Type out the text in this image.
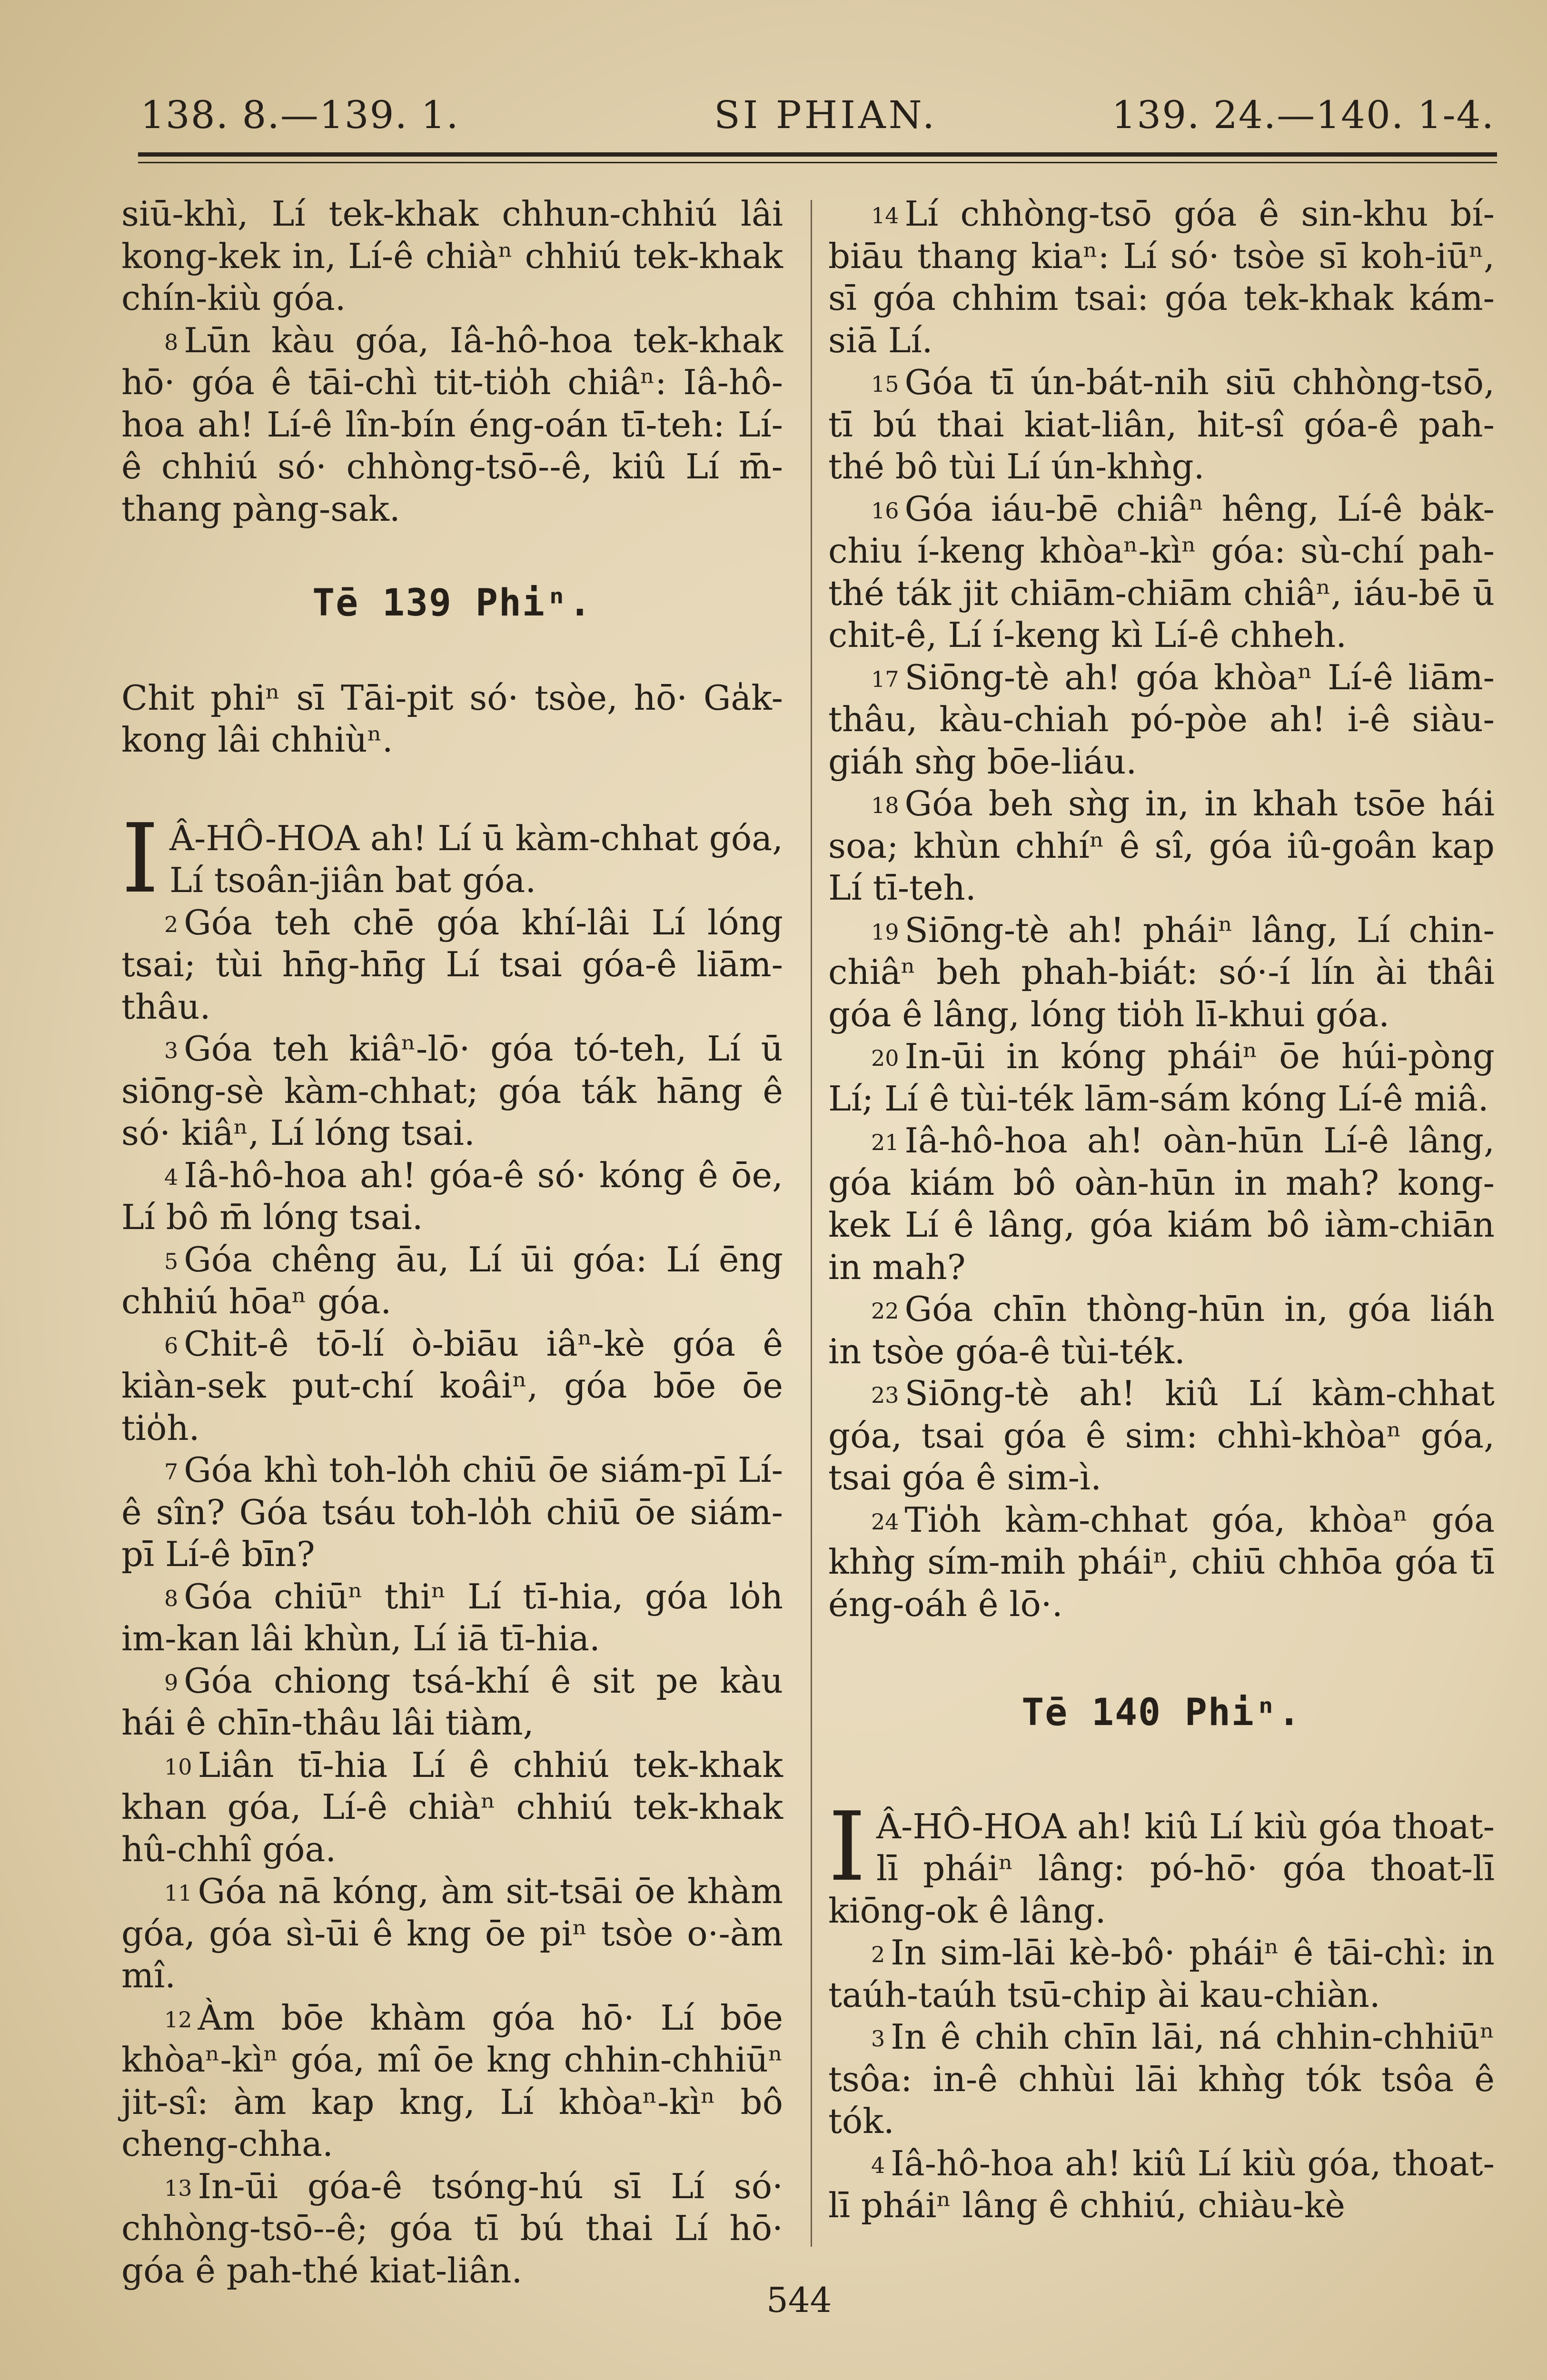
138. 8.—139. 1.	SI PHIAN.	139. 24.—140. 1-4.

siū-khì, Lí tek-khak chhun-chhiú lâi kong-kek in, Lí-ê chiàⁿ chhiú tek-khak chín-kiù góa.

$^8$ Lūn kàu góa, Iâ-hô-hoa tek-khak hō· góa ê tāi-chì tit-tio̍h chiâⁿ: Iâ-hô-hoa ah! Lí-ê lîn-bín éng-oán tī-teh: Lí-ê chhiú só· chhòng-tsō--ê, kiû Lí m̄-thang pàng-sak.

Tē 139 Phiⁿ.

Chit phiⁿ sī Tāi-pit só· tsòe, hō· Ga̍k-kong lâi chhiùⁿ.

I Â-HÔ-HOA ah! Lí ū kàm-chhat góa, Lí tsoân-jiân bat góa.

$^2$ Góa teh chē góa khí-lâi Lí lóng tsai; tùi hn̄g-hn̄g Lí tsai góa-ê liām-thâu.

$^3$ Góa teh kiâⁿ-lō· góa tó-teh, Lí ū siōng-sè kàm-chhat; góa ták hāng ê só· kiâⁿ, Lí lóng tsai.

$^4$ Iâ-hô-hoa ah! góa-ê só· kóng ê ōe, Lí bô m̄ lóng tsai.

$^5$ Góa chêng āu, Lí ūi góa: Lí ēng chhiú hōaⁿ góa.

$^6$ Chit-ê tō-lí ò-biāu iâⁿ-kè góa ê kiàn-sek put-chí koâiⁿ, góa bōe ōe tio̍h.

$^7$ Góa khì toh-lo̍h chiū ōe siám-pī Lí-ê sîn? Góa tsáu toh-lo̍h chiū ōe siám-pī Lí-ê bīn?

$^8$ Góa chiūⁿ thiⁿ Lí tī-hia, góa lo̍h im-kan lâi khùn, Lí iā tī-hia.

$^9$ Góa chiong tsá-khí ê sit pe kàu hái ê chīn-thâu lâi tiàm,

$^{10}$ Liân tī-hia Lí ê chhiú tek-khak khan góa, Lí-ê chiàⁿ chhiú tek-khak hû-chhî góa.

$^{11}$ Góa nā kóng, àm sit-tsāi ōe khàm góa, góa sì-ūi ê kng ōe piⁿ tsòe o·-àm mî.

$^{12}$ Àm bōe khàm góa hō· Lí bōe khòaⁿ-kìⁿ góa, mî ōe kng chhin-chhiūⁿ jit-sî: àm kap kng, Lí khòaⁿ-kìⁿ bô cheng-chha.

$^{13}$ In-ūi góa-ê tsóng-hú sī Lí só· chhòng-tsō--ê; góa tī bú thai Lí hō· góa ê pah-thé kiat-liân.

$^{14}$ Lí chhòng-tsō góa ê sin-khu bí-biāu thang kiaⁿ: Lí só· tsòe sī koh-iūⁿ, sī góa chhim tsai: góa tek-khak kám-siā Lí.

$^{15}$ Góa tī ún-bát-nih siū chhòng-tsō, tī bú thai kiat-liân, hit-sî góa-ê pah-thé bô tùi Lí ún-khǹg.

$^{16}$ Góa iáu-bē chiâⁿ hêng, Lí-ê ba̍k-chiu í-keng khòaⁿ-kìⁿ góa: sù-chí pah-thé ták jit chiām-chiām chiâⁿ, iáu-bē ū chit-ê, Lí í-keng kì Lí-ê chheh.

$^{17}$ Siōng-tè ah! góa khòaⁿ Lí-ê liām-thâu, kàu-chiah pó-pòe ah! i-ê siàu-giáh sǹg bōe-liáu.

$^{18}$ Góa beh sǹg in, in khah tsōe hái soa; khùn chhíⁿ ê sî, góa iû-goân kap Lí tī-teh.

$^{19}$ Siōng-tè ah! pháiⁿ lâng, Lí chin-chiâⁿ beh phah-biát: só·-í lín ài thâi góa ê lâng, lóng tio̍h lī-khui góa.

$^{20}$ In-ūi in kóng pháiⁿ ōe húi-pòng Lí; Lí ê tùi-ték lām-sám kóng Lí-ê miâ.

$^{21}$ Iâ-hô-hoa ah! oàn-hūn Lí-ê lâng, góa kiám bô oàn-hūn in mah? kong-kek Lí ê lâng, góa kiám bô iàm-chiān in mah?

$^{22}$ Góa chīn thòng-hūn in, góa liáh in tsòe góa-ê tùi-ték.

$^{23}$ Siōng-tè ah! kiû Lí kàm-chhat góa, tsai góa ê sim: chhì-khòaⁿ góa, tsai góa ê sim-ì.

$^{24}$ Tio̍h kàm-chhat góa, khòaⁿ góa khǹg sím-mih pháiⁿ, chiū chhōa góa tī éng-oáh ê lō·.

Tē 140 Phiⁿ.

I Â-HÔ-HOA ah! kiû Lí kiù góa thoat-lī pháiⁿ lâng: pó-hō· góa thoat-lī kiōng-ok ê lâng.

$^2$ In sim-lāi kè-bô· pháiⁿ ê tāi-chì: in taúh-taúh tsū-chip ài kau-chiàn.

$^3$ In ê chih chīn lāi, ná chhin-chhiūⁿ tsôa: in-ê chhùi lāi khǹg tók tsôa ê tók.

$^4$ Iâ-hô-hoa ah! kiû Lí kiù góa, thoat-lī pháiⁿ lâng ê chhiú, chiàu-kè

544
